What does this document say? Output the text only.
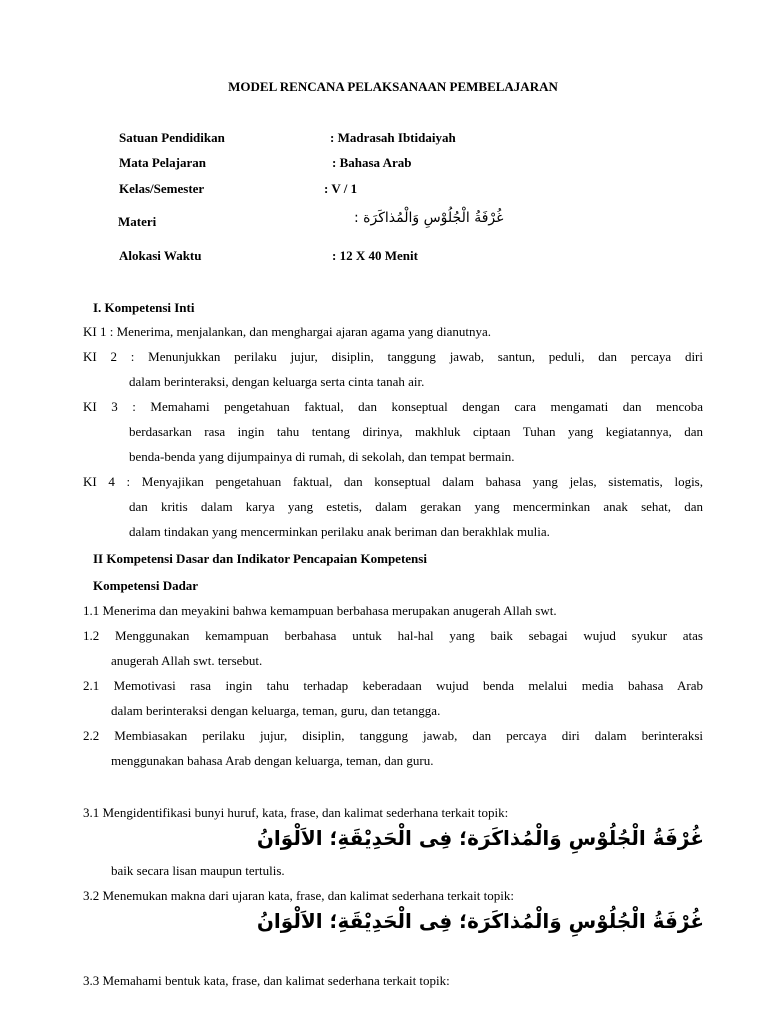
MODEL RENCANA PELAKSANAAN PEMBELAJARAN
Satuan Pendidikan	: Madrasah Ibtidaiyah
Mata Pelajaran	: Bahasa Arab
Kelas/Semester	: V / 1
Materi	غُرْفَةُ الْجُلُوْسِ وَالْمُذاكَرَة :
Alokasi Waktu	: 12 X 40 Menit
I. Kompetensi Inti
KI 1 : Menerima, menjalankan, dan menghargai ajaran agama yang dianutnya.
KI 2 : Menunjukkan perilaku jujur, disiplin, tanggung jawab, santun, peduli, dan percaya diri
dalam berinteraksi, dengan keluarga serta cinta tanah air.
KI 3 : Memahami pengetahuan faktual, dan konseptual dengan cara mengamati dan mencoba
berdasarkan rasa ingin tahu tentang dirinya, makhluk ciptaan Tuhan yang kegiatannya, dan
benda-benda yang dijumpainya di rumah, di sekolah, dan tempat bermain.
KI 4 : Menyajikan pengetahuan faktual, dan konseptual dalam bahasa yang jelas, sistematis, logis,
dan kritis dalam karya yang estetis, dalam gerakan yang mencerminkan anak sehat, dan
dalam tindakan yang mencerminkan perilaku anak beriman dan berakhlak mulia.
II Kompetensi Dasar dan Indikator Pencapaian Kompetensi
Kompetensi Dadar
1.1 Menerima dan meyakini bahwa kemampuan berbahasa merupakan anugerah Allah swt.
1.2 Menggunakan kemampuan berbahasa untuk hal-hal yang baik sebagai wujud syukur atas
anugerah Allah swt. tersebut.
2.1 Memotivasi rasa ingin tahu terhadap keberadaan wujud benda melalui media bahasa Arab
dalam berinteraksi dengan keluarga, teman, guru, dan tetangga.
2.2 Membiasakan perilaku jujur, disiplin, tanggung jawab, dan percaya diri dalam berinteraksi
menggunakan bahasa Arab dengan keluarga, teman, dan guru.
3.1 Mengidentifikasi bunyi huruf, kata, frase, dan kalimat sederhana terkait topik:
غُرْفَةُ الْجُلُوْسِ وَالْمُذاكَرَة؛ فِى الْحَدِيْقَةِ؛ الاَلْوَانُ
baik secara lisan maupun tertulis.
3.2 Menemukan makna dari ujaran kata, frase, dan kalimat sederhana terkait topik:
غُرْفَةُ الْجُلُوْسِ وَالْمُذاكَرَة؛ فِى الْحَدِيْقَةِ؛ الاَلْوَانُ
3.3 Memahami bentuk kata, frase, dan kalimat sederhana terkait topik:
